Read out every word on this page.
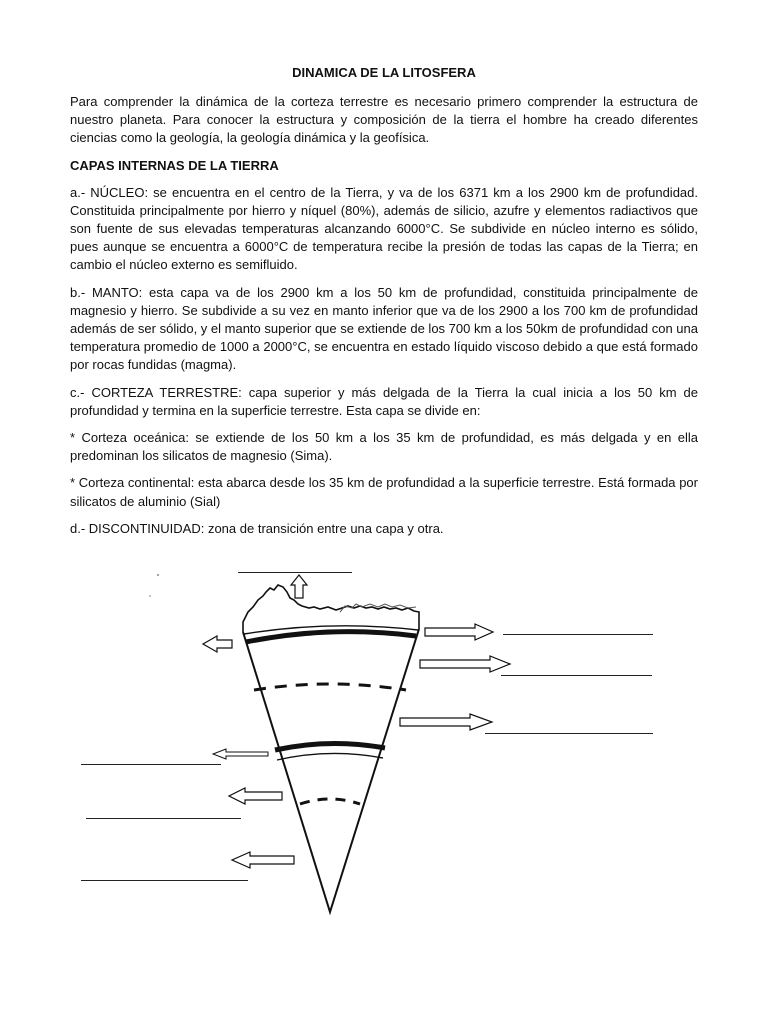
DINAMICA DE LA LITOSFERA

Para comprender la dinámica de la corteza terrestre es necesario primero comprender la estructura de nuestro planeta. Para conocer la estructura y composición de la tierra el hombre ha creado diferentes ciencias como la geología, la geología dinámica y la geofísica.

CAPAS INTERNAS DE LA TIERRA

a.- NÚCLEO: se encuentra en el centro de la Tierra, y va de los 6371 km a los 2900 km de profundidad. Constituida principalmente por hierro y níquel (80%), además de silicio, azufre y elementos radiactivos que son fuente de sus elevadas temperaturas alcanzando 6000°C. Se subdivide en núcleo interno es sólido, pues aunque se encuentra a 6000°C de temperatura recibe la presión de todas las capas de la Tierra; en cambio el núcleo externo es semifluido.

b.- MANTO: esta capa va de los 2900 km a los 50 km de profundidad, constituida principalmente de magnesio y hierro. Se subdivide a su vez en manto inferior que va de los 2900 a los 700 km de profundidad además de ser sólido, y el manto superior que se extiende de los 700 km a los 50km de profundidad con una temperatura promedio de 1000 a 2000°C, se encuentra en estado líquido viscoso debido a que está formado por rocas fundidas (magma).

c.- CORTEZA TERRESTRE: capa superior y más delgada de la Tierra la cual inicia a los 50 km de profundidad y termina en la superficie terrestre. Esta capa se divide en:

* Corteza oceánica: se extiende de los 50 km a los 35 km de profundidad, es más delgada y en ella predominan los silicatos de magnesio (Sima).

* Corteza continental: esta abarca desde los 35 km de profundidad a la superficie terrestre. Está formada por silicatos de aluminio (Sial)

d.- DISCONTINUIDAD: zona de transición entre una capa y otra.
